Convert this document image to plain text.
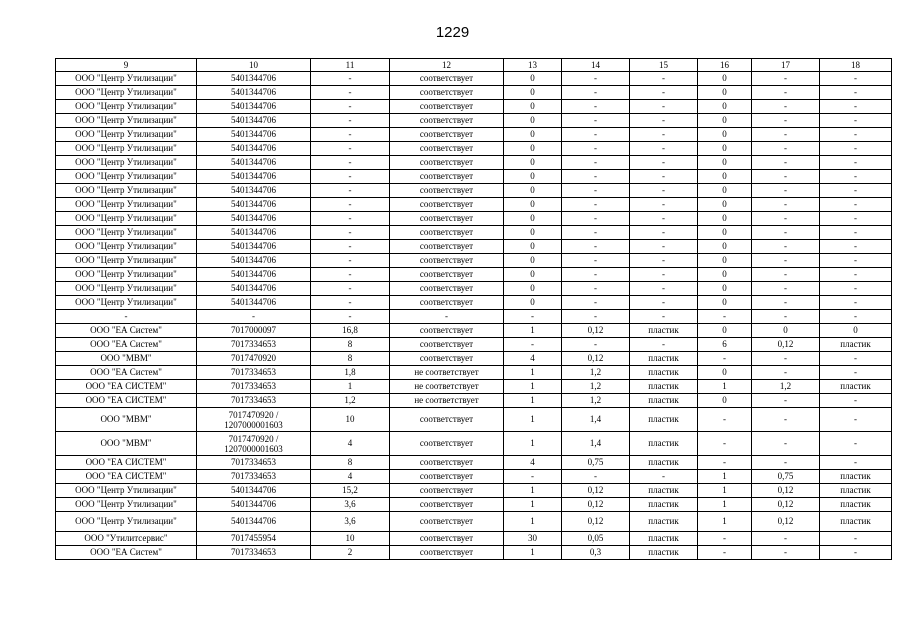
1229
9	10	11	12	13	14	15	16	17	18
ООО "Центр Утилизации"	5401344706	-	соответствует	0	-	-	0	-	-
ООО "Центр Утилизации"	5401344706	-	соответствует	0	-	-	0	-	-
ООО "Центр Утилизации"	5401344706	-	соответствует	0	-	-	0	-	-
ООО "Центр Утилизации"	5401344706	-	соответствует	0	-	-	0	-	-
ООО "Центр Утилизации"	5401344706	-	соответствует	0	-	-	0	-	-
ООО "Центр Утилизации"	5401344706	-	соответствует	0	-	-	0	-	-
ООО "Центр Утилизации"	5401344706	-	соответствует	0	-	-	0	-	-
ООО "Центр Утилизации"	5401344706	-	соответствует	0	-	-	0	-	-
ООО "Центр Утилизации"	5401344706	-	соответствует	0	-	-	0	-	-
ООО "Центр Утилизации"	5401344706	-	соответствует	0	-	-	0	-	-
ООО "Центр Утилизации"	5401344706	-	соответствует	0	-	-	0	-	-
ООО "Центр Утилизации"	5401344706	-	соответствует	0	-	-	0	-	-
ООО "Центр Утилизации"	5401344706	-	соответствует	0	-	-	0	-	-
ООО "Центр Утилизации"	5401344706	-	соответствует	0	-	-	0	-	-
ООО "Центр Утилизации"	5401344706	-	соответствует	0	-	-	0	-	-
ООО "Центр Утилизации"	5401344706	-	соответствует	0	-	-	0	-	-
ООО "Центр Утилизации"	5401344706	-	соответствует	0	-	-	0	-	-
-	-	-	-	-	-	-	-	-	-
ООО "ЕА Систем"	7017000097	16,8	соответствует	1	0,12	пластик	0	0	0
ООО "ЕА Систем"	7017334653	8	соответствует	-	-	-	6	0,12	пластик
ООО "МВМ"	7017470920	8	соответствует	4	0,12	пластик	-	-	-
ООО "ЕА Систем"	7017334653	1,8	не соответствует	1	1,2	пластик	0	-	-
ООО "ЕА СИСТЕМ"	7017334653	1	не соответствует	1	1,2	пластик	1	1,2	пластик
ООО "ЕА СИСТЕМ"	7017334653	1,2	не соответствует	1	1,2	пластик	0	-	-
ООО "МВМ"	7017470920 / 1207000001603	10	соответствует	1	1,4	пластик	-	-	-
ООО "МВМ"	7017470920 / 1207000001603	4	соответствует	1	1,4	пластик	-	-	-
ООО "ЕА СИСТЕМ"	7017334653	8	соответствует	4	0,75	пластик	-	-	-
ООО "ЕА СИСТЕМ"	7017334653	4	соответствует	-	-	-	1	0,75	пластик
ООО "Центр Утилизации"	5401344706	15,2	соответствует	1	0,12	пластик	1	0,12	пластик
ООО "Центр Утилизации"	5401344706	3,6	соответствует	1	0,12	пластик	1	0,12	пластик
ООО "Центр Утилизации"	5401344706	3,6	соответствует	1	0,12	пластик	1	0,12	пластик
ООО "Утилитсервис"	7017455954	10	соответствует	30	0,05	пластик	-	-	-
ООО "ЕА Систем"	7017334653	2	соответствует	1	0,3	пластик	-	-	-
